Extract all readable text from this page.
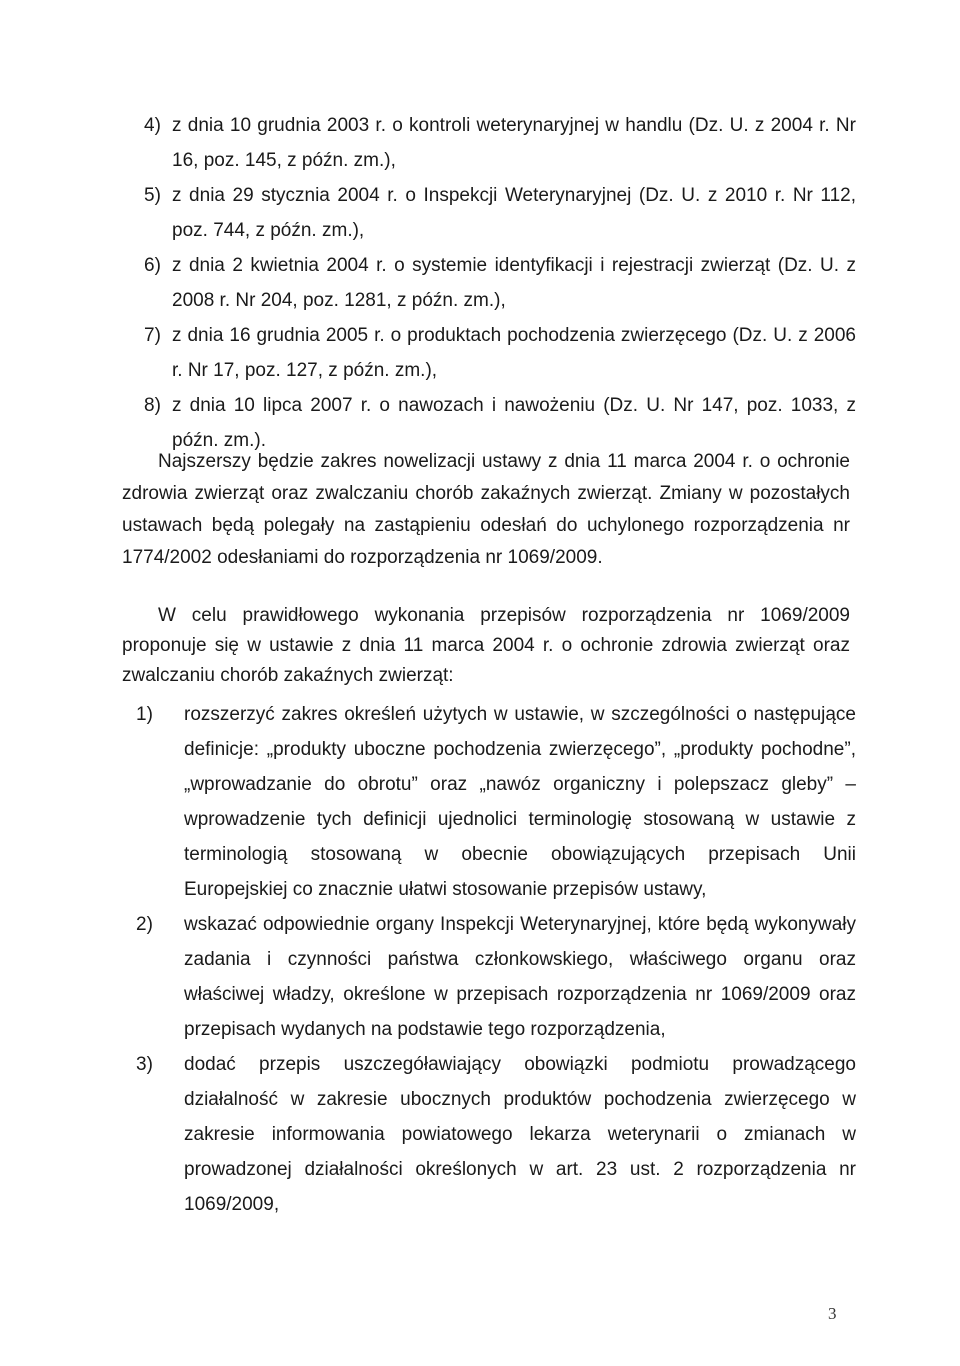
4) z dnia 10 grudnia 2003 r. o kontroli weterynaryjnej w handlu (Dz. U. z 2004 r. Nr 16, poz. 145, z późn. zm.),
5) z dnia 29 stycznia 2004 r. o Inspekcji Weterynaryjnej (Dz. U. z 2010 r. Nr 112, poz. 744, z późn. zm.),
6) z dnia 2 kwietnia 2004 r. o systemie identyfikacji i rejestracji zwierząt (Dz. U. z 2008 r. Nr 204, poz. 1281, z późn. zm.),
7) z dnia 16 grudnia 2005 r. o produktach pochodzenia zwierzęcego (Dz. U. z 2006 r. Nr 17, poz. 127, z późn. zm.),
8) z dnia 10 lipca 2007 r. o nawozach i nawożeniu (Dz. U. Nr 147, poz. 1033, z późn. zm.).

Najszerszy będzie zakres nowelizacji ustawy z dnia 11 marca 2004 r. o ochronie zdrowia zwierząt oraz zwalczaniu chorób zakaźnych zwierząt. Zmiany w pozostałych ustawach będą polegały na zastąpieniu odesłań do uchylonego rozporządzenia nr 1774/2002 odesłaniami do rozporządzenia nr 1069/2009.

W celu prawidłowego wykonania przepisów rozporządzenia nr 1069/2009 proponuje się w ustawie z dnia 11 marca 2004 r. o ochronie zdrowia zwierząt oraz zwalczaniu chorób zakaźnych zwierząt:

1) rozszerzyć zakres określeń użytych w ustawie, w szczególności o następujące definicje: „produkty uboczne pochodzenia zwierzęcego”, „produkty pochodne”, „wprowadzanie do obrotu” oraz „nawóz organiczny i polepszacz gleby” – wprowadzenie tych definicji ujednolici terminologię stosowaną w ustawie z terminologią stosowaną w obecnie obowiązujących przepisach Unii Europejskiej co znacznie ułatwi stosowanie przepisów ustawy,
2) wskazać odpowiednie organy Inspekcji Weterynaryjnej, które będą wykonywały zadania i czynności państwa członkowskiego, właściwego organu oraz właściwej władzy, określone w przepisach rozporządzenia nr 1069/2009 oraz przepisach wydanych na podstawie tego rozporządzenia,
3) dodać przepis uszczegóławiający obowiązki podmiotu prowadzącego działalność w zakresie ubocznych produktów pochodzenia zwierzęcego w zakresie informowania powiatowego lekarza weterynarii o zmianach w prowadzonej działalności określonych w art. 23 ust. 2 rozporządzenia nr 1069/2009,
3
